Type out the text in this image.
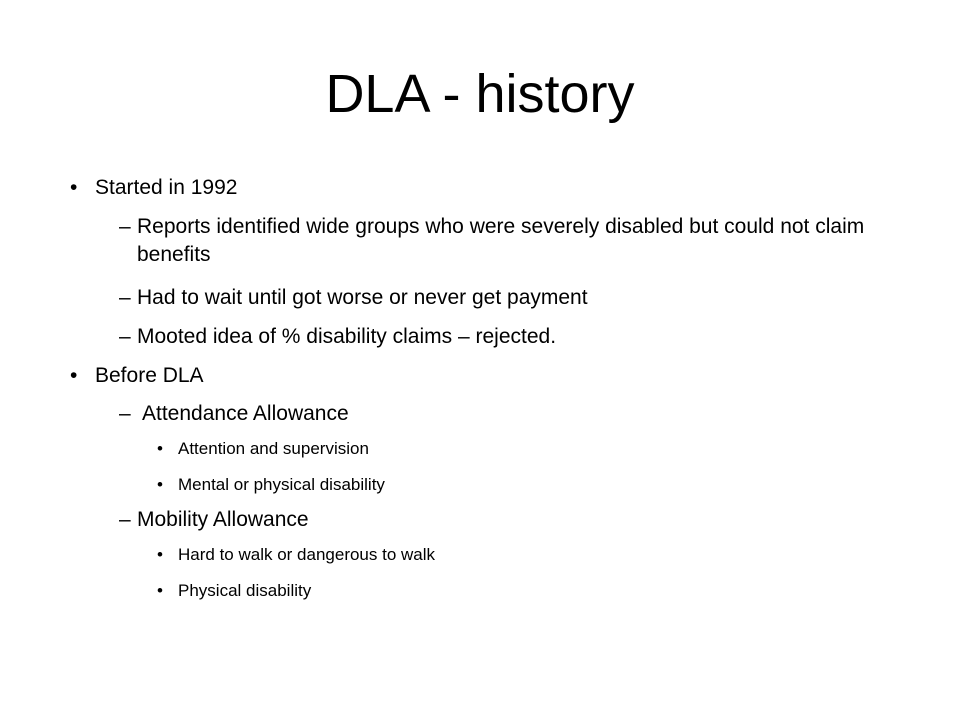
DLA - history
• Started in 1992
– Reports identified wide groups who were severely disabled but could not claim benefits
– Had to wait until got worse or never get payment
– Mooted idea of % disability claims – rejected.
• Before DLA
– Attendance Allowance
• Attention and supervision
• Mental or physical disability
– Mobility Allowance
• Hard to walk or dangerous to walk
• Physical disability
